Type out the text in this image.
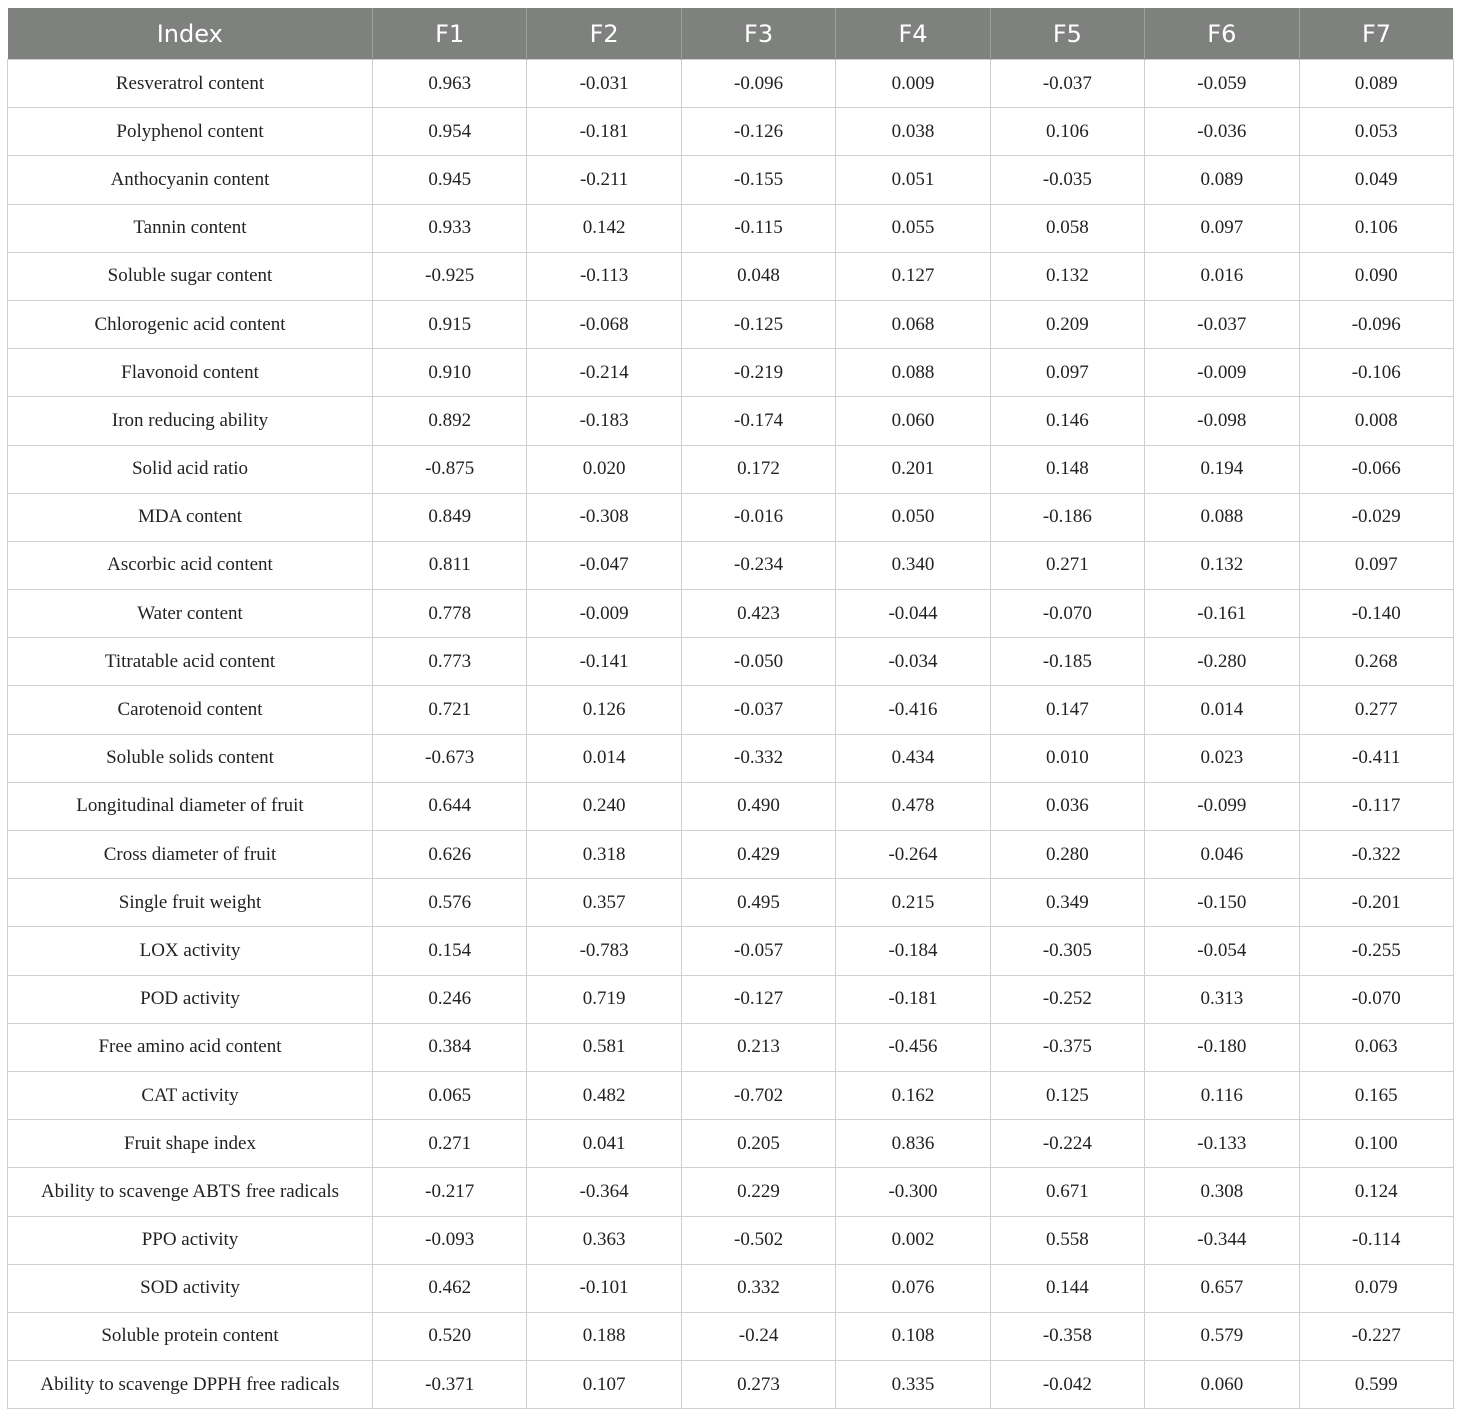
Index	F1	F2	F3	F4	F5	F6	F7
Resveratrol content	0.963	-0.031	-0.096	0.009	-0.037	-0.059	0.089
Polyphenol content	0.954	-0.181	-0.126	0.038	0.106	-0.036	0.053
Anthocyanin content	0.945	-0.211	-0.155	0.051	-0.035	0.089	0.049
Tannin content	0.933	0.142	-0.115	0.055	0.058	0.097	0.106
Soluble sugar content	-0.925	-0.113	0.048	0.127	0.132	0.016	0.090
Chlorogenic acid content	0.915	-0.068	-0.125	0.068	0.209	-0.037	-0.096
Flavonoid content	0.910	-0.214	-0.219	0.088	0.097	-0.009	-0.106
Iron reducing ability	0.892	-0.183	-0.174	0.060	0.146	-0.098	0.008
Solid acid ratio	-0.875	0.020	0.172	0.201	0.148	0.194	-0.066
MDA content	0.849	-0.308	-0.016	0.050	-0.186	0.088	-0.029
Ascorbic acid content	0.811	-0.047	-0.234	0.340	0.271	0.132	0.097
Water content	0.778	-0.009	0.423	-0.044	-0.070	-0.161	-0.140
Titratable acid content	0.773	-0.141	-0.050	-0.034	-0.185	-0.280	0.268
Carotenoid content	0.721	0.126	-0.037	-0.416	0.147	0.014	0.277
Soluble solids content	-0.673	0.014	-0.332	0.434	0.010	0.023	-0.411
Longitudinal diameter of fruit	0.644	0.240	0.490	0.478	0.036	-0.099	-0.117
Cross diameter of fruit	0.626	0.318	0.429	-0.264	0.280	0.046	-0.322
Single fruit weight	0.576	0.357	0.495	0.215	0.349	-0.150	-0.201
LOX activity	0.154	-0.783	-0.057	-0.184	-0.305	-0.054	-0.255
POD activity	0.246	0.719	-0.127	-0.181	-0.252	0.313	-0.070
Free amino acid content	0.384	0.581	0.213	-0.456	-0.375	-0.180	0.063
CAT activity	0.065	0.482	-0.702	0.162	0.125	0.116	0.165
Fruit shape index	0.271	0.041	0.205	0.836	-0.224	-0.133	0.100
Ability to scavenge ABTS free radicals	-0.217	-0.364	0.229	-0.300	0.671	0.308	0.124
PPO activity	-0.093	0.363	-0.502	0.002	0.558	-0.344	-0.114
SOD activity	0.462	-0.101	0.332	0.076	0.144	0.657	0.079
Soluble protein content	0.520	0.188	-0.24	0.108	-0.358	0.579	-0.227
Ability to scavenge DPPH free radicals	-0.371	0.107	0.273	0.335	-0.042	0.060	0.599
